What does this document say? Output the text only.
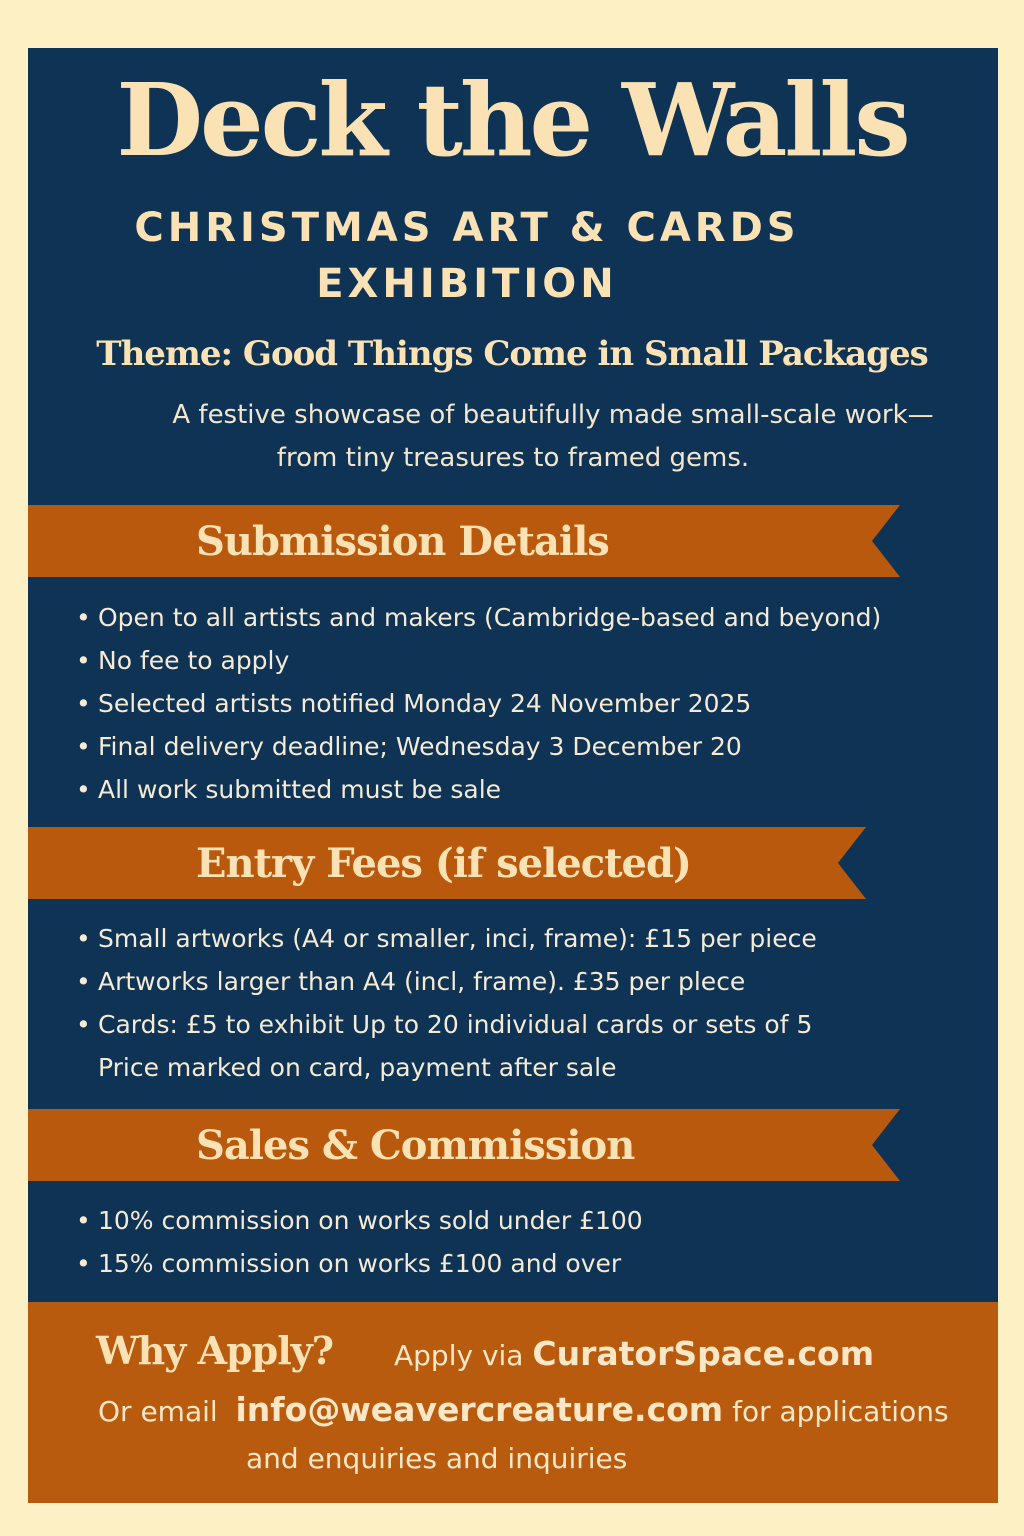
Deck the Walls
CHRISTMAS ART & CARDS
EXHIBITION
Theme: Good Things Come in Small Packages
A festive showcase of beautifully made small-scale work—
from tiny treasures to framed gems.
Submission Details
• Open to all artists and makers (Cambridge-based and beyond)
• No fee to apply
• Selected artists notified Monday 24 November 2025
• Final delivery deadline; Wednesday 3 December 20
• All work submitted must be sale
Entry Fees (if selected)
• Small artworks (A4 or smaller, inci, frame): £15 per piece
• Artworks larger than A4 (incl, frame). £35 per plece
• Cards: £5 to exhibit Up to 20 individual cards or sets of 5
Price marked on card, payment after sale
Sales & Commission
• 10% commission on works sold under £100
• 15% commission on works £100 and over
Why Apply? Apply via CuratorSpace.com
Or email info@weavercreature.com for applications
and enquiries and inquiries
